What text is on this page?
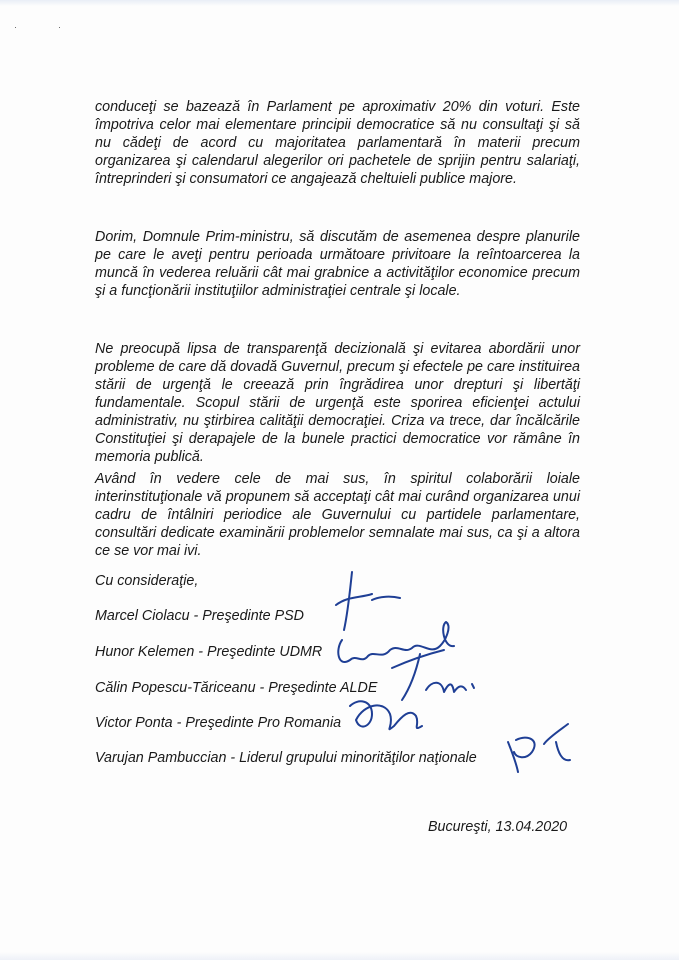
·	·

conduceţi se bazează în Parlament pe aproximativ 20% din voturi. Este împotriva celor mai elementare principii democratice să nu consultaţi şi să nu cădeţi de acord cu majoritatea parlamentară în materii precum organizarea şi calendarul alegerilor ori pachetele de sprijin pentru salariaţi, întreprinderi şi consumatori ce angajează cheltuieli publice majore.

Dorim, Domnule Prim-ministru, să discutăm de asemenea despre planurile pe care le aveţi pentru perioada următoare privitoare la reîntoarcerea la muncă în vederea reluării cât mai grabnice a activităţilor economice precum şi a funcţionării instituţiilor administraţiei centrale şi locale.

Ne preocupă lipsa de transparenţă decizională şi evitarea abordării unor probleme de care dă dovadă Guvernul, precum şi efectele pe care instituirea stării de urgenţă le creează prin îngrădirea unor drepturi şi libertăţi fundamentale. Scopul stării de urgenţă este sporirea eficienţei actului administrativ, nu ştirbirea calităţii democraţiei. Criza va trece, dar încălcările Constituţiei şi derapajele de la bunele practici democratice vor rămâne în memoria publică.

Având în vedere cele de mai sus, în spiritul colaborării loiale interinstituţionale vă propunem să acceptaţi cât mai curând organizarea unui cadru de întâlniri periodice ale Guvernului cu partidele parlamentare, consultări dedicate examinării problemelor semnalate mai sus, ca şi a altora ce se vor mai ivi.

Cu consideraţie,

Marcel Ciolacu - Preşedinte PSD

Hunor Kelemen - Preşedinte UDMR

Călin Popescu-Tăriceanu - Preşedinte ALDE

Victor Ponta - Preşedinte Pro Romania

Varujan Pambuccian - Liderul grupului minorităţilor naţionale

Bucureşti, 13.04.2020
